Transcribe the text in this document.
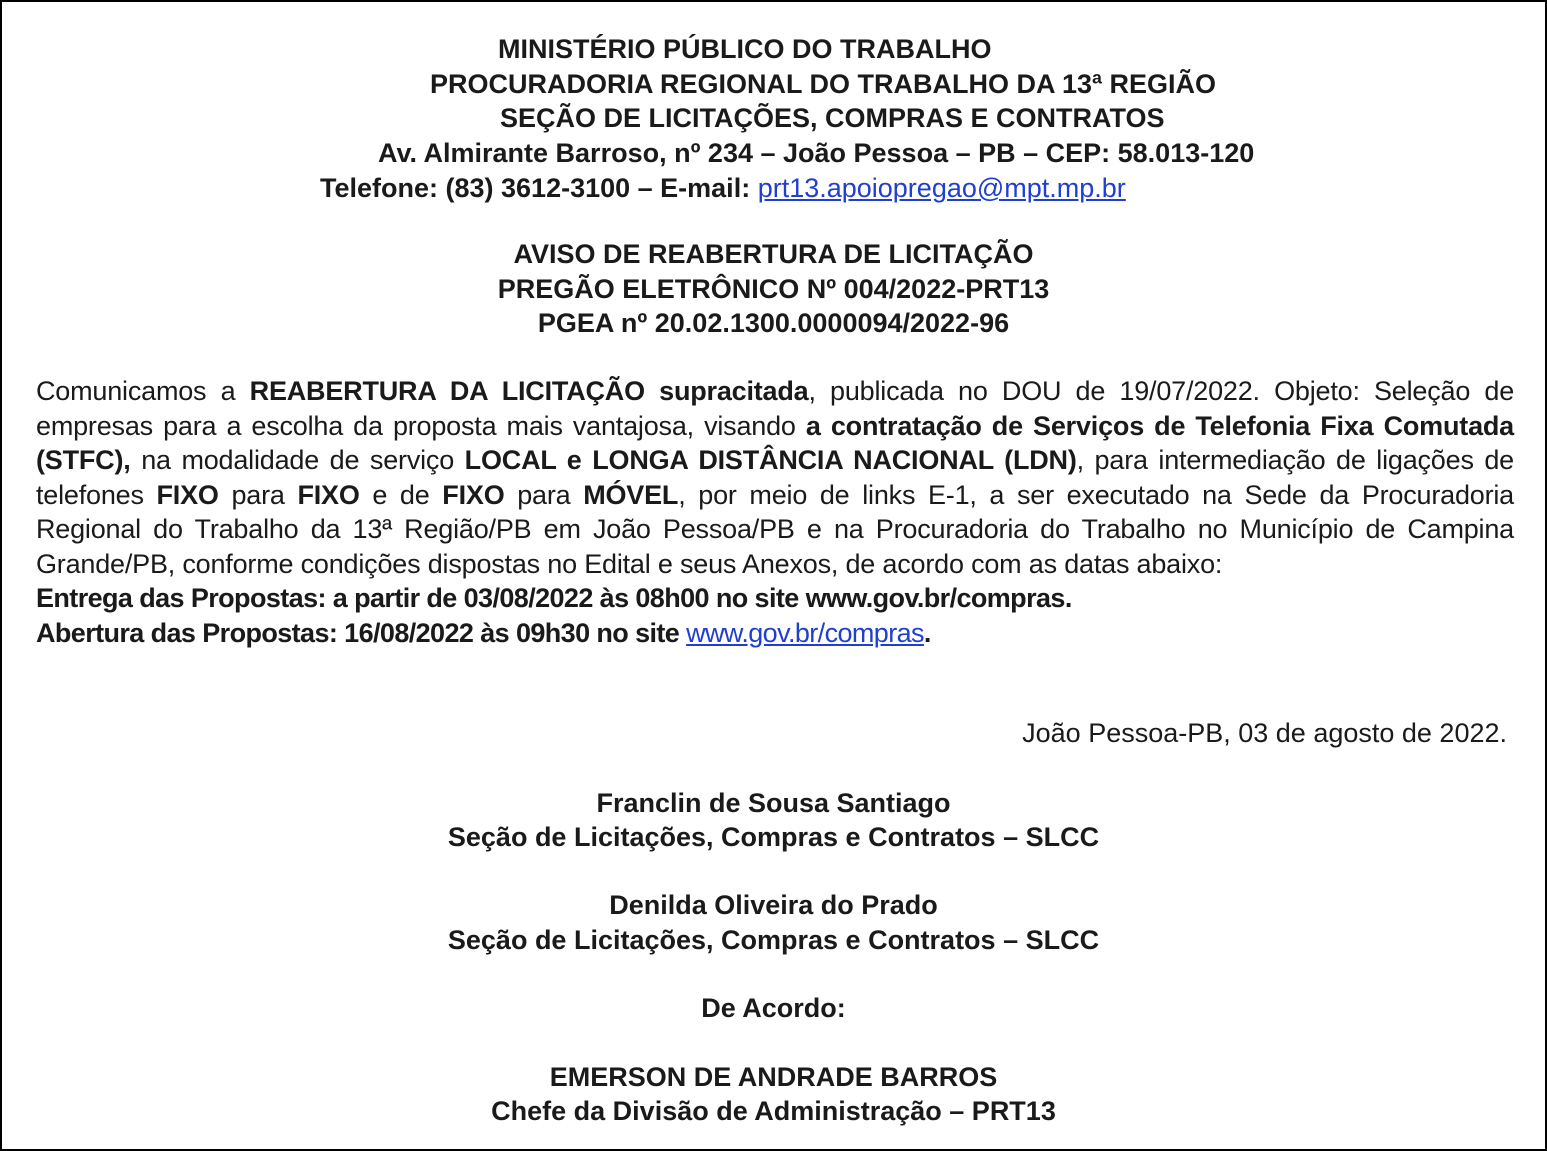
MINISTÉRIO PÚBLICO DO TRABALHO
PROCURADORIA REGIONAL DO TRABALHO DA 13ª REGIÃO
SEÇÃO DE LICITAÇÕES, COMPRAS E CONTRATOS
Av. Almirante Barroso, nº 234 – João Pessoa – PB – CEP: 58.013-120
Telefone: (83) 3612-3100 – E-mail: prt13.apoiopregao@mpt.mp.br
AVISO DE REABERTURA DE LICITAÇÃO
PREGÃO ELETRÔNICO Nº 004/2022-PRT13
PGEA nº 20.02.1300.0000094/2022-96

Comunicamos a REABERTURA DA LICITAÇÃO supracitada, publicada no DOU de 19/07/2022. Objeto: Seleção de empresas para a escolha da proposta mais vantajosa, visando a contratação de Serviços de Telefonia Fixa Comutada (STFC), na modalidade de serviço LOCAL e LONGA DISTÂNCIA NACIONAL (LDN), para intermediação de ligações de telefones FIXO para FIXO e de FIXO para MÓVEL, por meio de links E-1, a ser executado na Sede da Procuradoria Regional do Trabalho da 13ª Região/PB em João Pessoa/PB e na Procuradoria do Trabalho no Município de Campina Grande/PB, conforme condições dispostas no Edital e seus Anexos, de acordo com as datas abaixo:

Entrega das Propostas: a partir de 03/08/2022 às 08h00 no site www.gov.br/compras.

Abertura das Propostas: 16/08/2022 às 09h30 no site www.gov.br/compras.

João Pessoa-PB, 03 de agosto de 2022.
Franclin de Sousa Santiago
Seção de Licitações, Compras e Contratos – SLCC
Denilda Oliveira do Prado
Seção de Licitações, Compras e Contratos – SLCC
De Acordo:
EMERSON DE ANDRADE BARROS
Chefe da Divisão de Administração – PRT13
